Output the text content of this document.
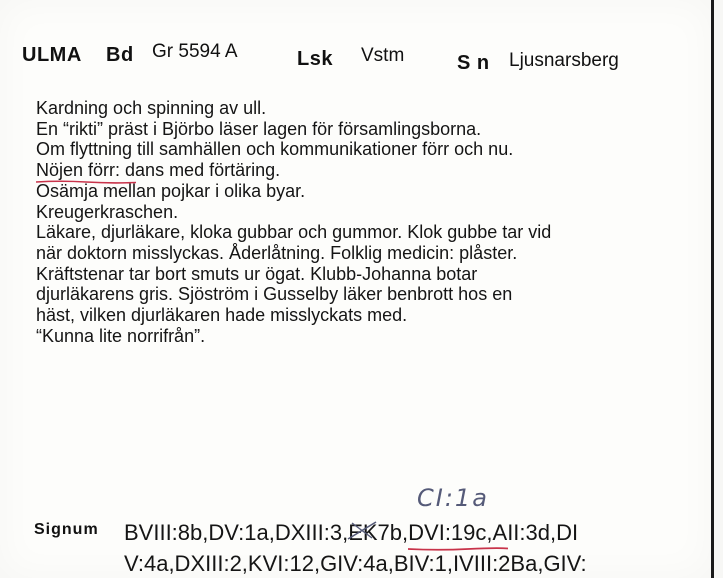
ULMA Bd Gr 5594 A	Lsk Vstm	S n Ljusnarsberg
Kardning och spinning av ull.
En “rikti” präst i Björbo läser lagen för församlingsborna.
Om flyttning till samhällen och kommunikationer förr och nu.
Nöjen förr: dans med förtäring.
Osämja mellan pojkar i olika byar.
Kreugerkraschen.
Läkare, djurläkare, kloka gubbar och gummor. Klok gubbe tar vid
när doktorn misslyckas. Åderlåtning. Folklig medicin: plåster.
Kräftstenar tar bort smuts ur ögat. Klubb-Johanna botar
djurläkarens gris. Sjöström i Gusselby läker benbrott hos en
häst, vilken djurläkaren hade misslyckats med.
“Kunna lite norrifrån”.
CI:1a
Signum BVIII:8b,DV:1a,DXIII:3,EK
7b,DVI:19c
,AII:3d,DI
V:4a,DXIII:2,KVI:12,GIV:4a,BIV:1,IVIII:2Ba,GIV:
